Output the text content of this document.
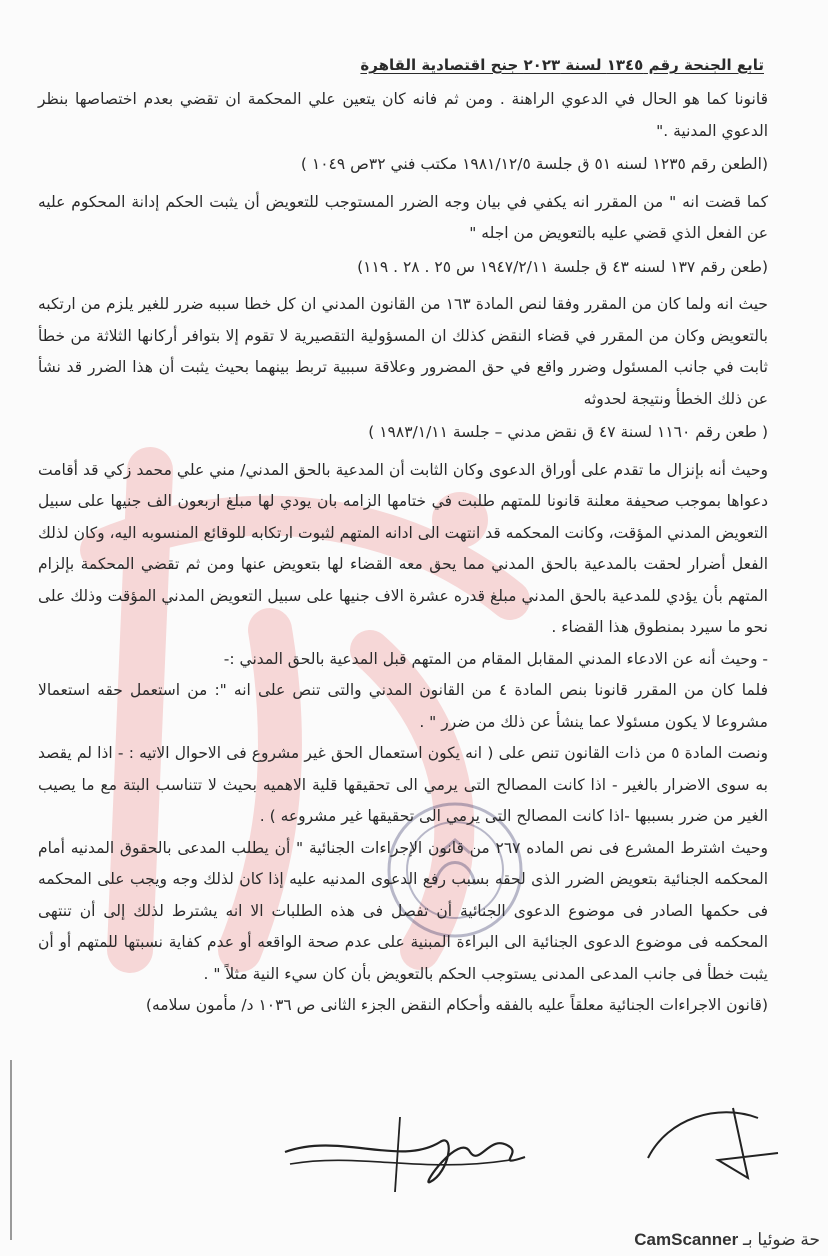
تابع الجنحة رقم ١٣٤٥ لسنة ٢٠٢٣ جنح اقتصادية القاهرة

قانونا كما هو الحال في الدعوي الراهنة . ومن ثم فانه كان يتعين علي المحكمة ان تقضي بعدم اختصاصها بنظر الدعوي المدنية ."

(الطعن رقم ١٢٣٥ لسنه ٥١ ق جلسة ١٩٨١/١٢/٥ مكتب فني ٣٢ص ١٠٤٩ )

كما قضت انه " من المقرر انه يكفي في بيان وجه الضرر المستوجب للتعويض أن يثبت الحكم إدانة المحكوم عليه عن الفعل الذي قضي عليه بالتعويض من اجله "

(طعن رقم ١٣٧ لسنه ٤٣ ق جلسة ١٩٤٧/٢/١١ س ٢٥ . ٢٨ . ١١٩)

حيث انه ولما كان من المقرر وفقا لنص المادة ١٦٣ من القانون المدني ان كل خطا سببه ضرر للغير يلزم من ارتكبه بالتعويض وكان من المقرر في قضاء النقض كذلك ان المسؤولية التقصيرية لا تقوم إلا بتوافر أركانها الثلاثة من خطأ ثابت في جانب المسئول وضرر واقع في حق المضرور وعلاقة سببية تربط بينهما بحيث يثبت أن هذا الضرر قد نشأ عن ذلك الخطأ ونتيجة لحدوثه

( طعن رقم ١١٦٠ لسنة ٤٧ ق نقض مدني – جلسة ١٩٨٣/١/١١ )

وحيث أنه بإنزال ما تقدم على أوراق الدعوى وكان الثابت أن المدعية بالحق المدني/ مني علي محمد زكي قد أقامت دعواها بموجب صحيفة معلنة قانونا للمتهم طلبت في ختامها الزامه بان يودي لها مبلغ اربعون الف جنيها على سبيل التعويض المدني المؤقت، وكانت المحكمه قد انتهت الى ادانه المتهم لثبوت ارتكابه للوقائع المنسوبه اليه، وكان لذلك الفعل أضرار لحقت بالمدعية بالحق المدني مما يحق معه القضاء لها بتعويض عنها ومن ثم تقضي المحكمة بإلزام المتهم بأن يؤدي للمدعية بالحق المدني مبلغ قدره عشرة الاف جنيها على سبيل التعويض المدني المؤقت وذلك على نحو ما سيرد بمنطوق هذا القضاء .

- وحيث أنه عن الادعاء المدني المقابل المقام من المتهم قبل المدعية بالحق المدني :-

فلما كان من المقرر قانونا بنص المادة ٤ من القانون المدني والتى تنص على انه ": من استعمل حقه استعمالا مشروعا لا يكون مسئولا عما ينشأ عن ذلك من ضرر " .

ونصت المادة ٥ من ذات القانون تنص على ( انه يكون استعمال الحق غير مشروع فى الاحوال الاتيه : - اذا لم يقصد به سوى الاضرار بالغير - اذا كانت المصالح التى يرمي الى تحقيقها قلية الاهميه بحيث لا تتناسب البتة مع ما يصيب الغير من ضرر بسببها -اذا كانت المصالح التى يرمي الى تحقيقها غير مشروعه ) .

وحيث اشترط المشرع فى نص الماده ٢٦٧ من قانون الإجراءات الجنائية " أن يطلب المدعى بالحقوق المدنيه أمام المحكمه الجنائية بتعويض الضرر الذى لحقه بسبب رفع الدعوى المدنيه عليه إذا كان لذلك وجه ويجب على المحكمه فى حكمها الصادر فى موضوع الدعوى الجنائية أن تفصل فى هذه الطلبات الا انه يشترط لذلك إلى أن تنتهى المحكمه فى موضوع الدعوى الجنائية الى البراءة المبنية على عدم صحة الواقعه أو عدم كفاية نسبتها للمتهم أو أن يثبت خطأ فى جانب المدعى المدنى يستوجب الحكم بالتعويض بأن كان سيء النية مثلاً " .

(قانون الاجراءات الجنائية معلقاً عليه بالفقه وأحكام النقض الجزء الثانى ص ١٠٣٦ د/ مأمون سلامه)

حة ضوئيا بـ CamScanner
